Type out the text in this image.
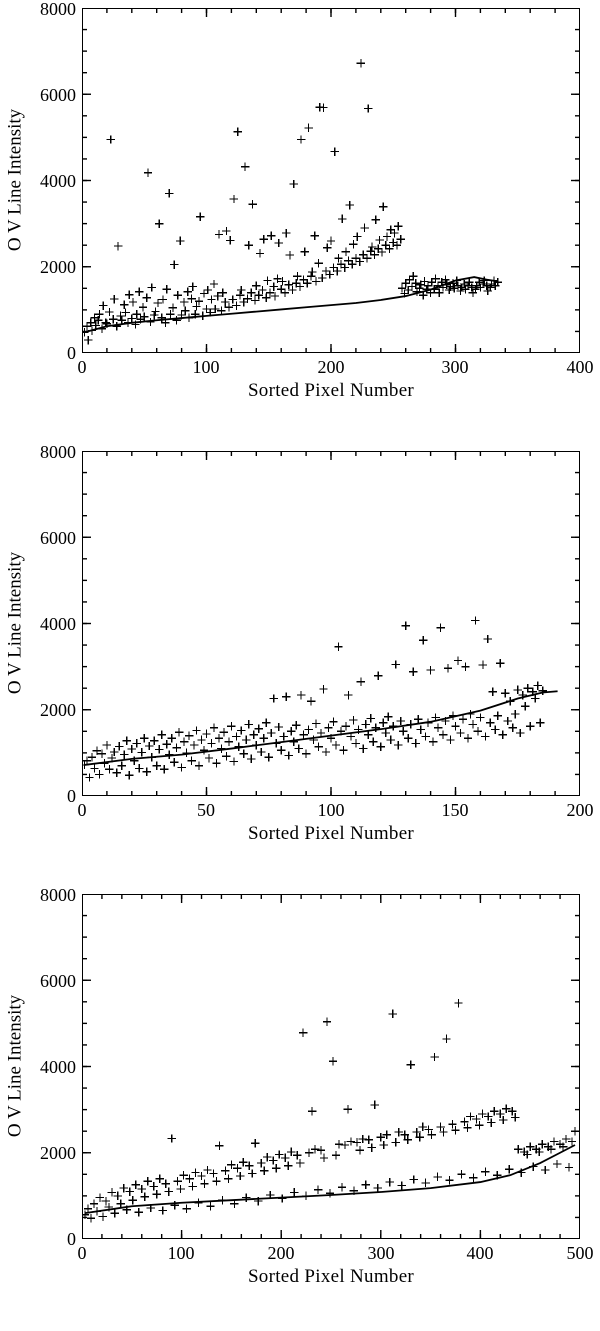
O V Line Intensity
8000
6000
4000
2000
0
0	100	200	300	400
Sorted Pixel Number
O V Line Intensity
8000
6000
4000
2000
0
0	50	100	150	200
Sorted Pixel Number
O V Line Intensity
8000
6000
4000
2000
0
0	100	200	300	400	500
Sorted Pixel Number
